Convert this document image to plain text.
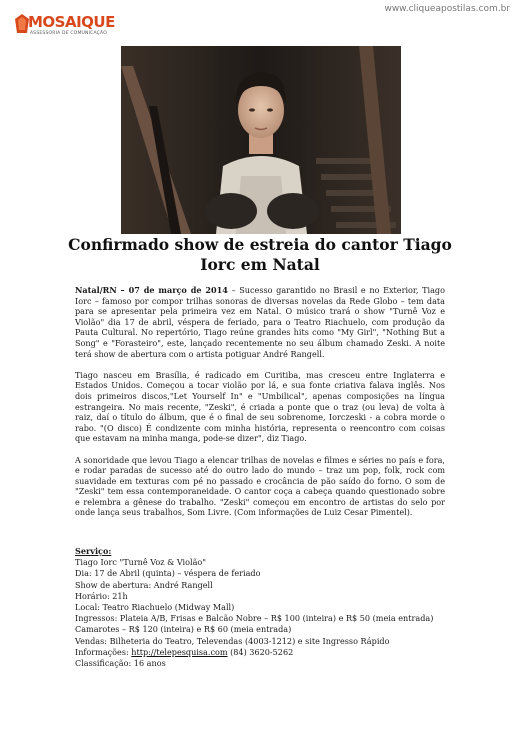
www.cliqueapostilas.com.br
MOSAIQUE
ASSESSORIA DE COMUNICAÇÃO
Confirmado show de estreia do cantor Tiago
Iorc em Natal

Natal/RN – 07 de março de 2014 – Sucesso garantido no Brasil e no Exterior, Tiago Iorc – famoso por compor trilhas sonoras de diversas novelas da Rede Globo – tem data para se apresentar pela primeira vez em Natal. O músico trará o show "Turnê Voz e Violão" dia 17 de abril, véspera de feriado, para o Teatro Riachuelo, com produção da Pauta Cultural. No repertório, Tiago reúne grandes hits como "My Girl", "Nothing But a Song" e "Forasteiro", este, lançado recentemente no seu álbum chamado Zeski. A noite terá show de abertura com o artista potiguar André Rangell.

Tiago nasceu em Brasília, é radicado em Curitiba, mas cresceu entre Inglaterra e Estados Unidos. Começou a tocar violão por lá, e sua fonte criativa falava inglês. Nos dois primeiros discos,"Let Yourself In" e "Umbilical", apenas composições na língua estrangeira. No mais recente, "Zeski", é criada a ponte que o traz (ou leva) de volta à raiz, daí o título do álbum, que é o final de seu sobrenome, Iorczeski - a cobra morde o rabo. "(O disco) É condizente com minha história, representa o reencontro com coisas que estavam na minha manga, pode-se dizer", diz Tiago.

A sonoridade que levou Tiago a elencar trilhas de novelas e filmes e séries no país e fora, e rodar paradas de sucesso até do outro lado do mundo – traz um pop, folk, rock com suavidade em texturas com pé no passado e crocância de pão saído do forno. O som de "Zeski" tem essa contemporaneidade. O cantor coça a cabeça quando questionado sobre e relembra a gênese do trabalho. "Zeski" começou em encontro de artistas do selo por onde lança seus trabalhos, Som Livre. (Com informações de Luiz Cesar Pimentel).

Serviço:
Tiago Iorc "Turnê Voz & Violão"
Dia: 17 de Abril (quinta) – véspera de feriado
Show de abertura: André Rangell
Horário: 21h
Local: Teatro Riachuelo (Midway Mall)
Ingressos: Plateia A/B, Frisas e Balcão Nobre – R$ 100 (inteira) e R$ 50 (meia entrada)
Camarotes – R$ 120 (inteira) e R$ 60 (meia entrada)
Vendas: Bilheteria do Teatro, Televendas (4003-1212) e site Ingresso Rápido
Informações: http://telepesquisa.com (84) 3620-5262
Classificação: 16 anos
